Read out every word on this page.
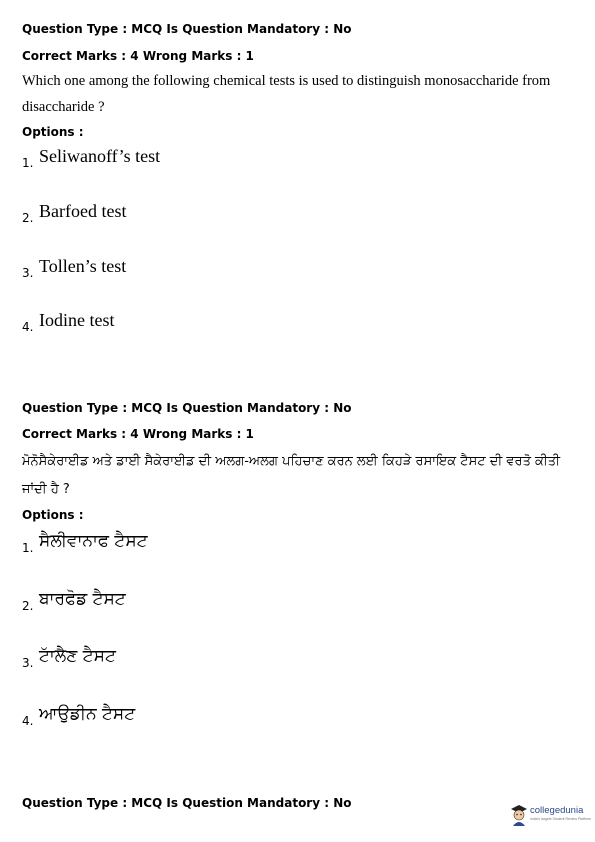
Question Type : MCQ Is Question Mandatory : No
Correct Marks : 4 Wrong Marks : 1
Which one among the following chemical tests is used to distinguish monosaccharide from
disaccharide ?
Options :
1. Seliwanoff’s test
2. Barfoed test
3. Tollen’s test
4. Iodine test
Question Type : MCQ Is Question Mandatory : No
Correct Marks : 4 Wrong Marks : 1
ਮੋਨੋਸੈਕੇਰਾਈਡ ਅਤੇ ਡਾਈ ਸੈਕੇਰਾਈਡ ਦੀ ਅਲਗ-ਅਲਗ ਪਹਿਚਾਣ ਕਰਨ ਲਈ ਕਿਹੜੇ ਰਸਾਇਕ ਟੈਸਟ ਦੀ ਵਰਤੋ ਕੀਤੀ
ਜਾਂਦੀ ਹੈ ?
Options :
1. ਸੈਲੀਵਾਨਾਫ ਟੈਸਟ
2. ਬਾਰਫੋਡ ਟੈਸਟ
3. ਟਾੱਲੈਣ ਟੈਸਟ
4. ਆਉਡੀਨ ਟੈਸਟ
Question Type : MCQ Is Question Mandatory : No
collegedunia
India's largest Student Review Platform
